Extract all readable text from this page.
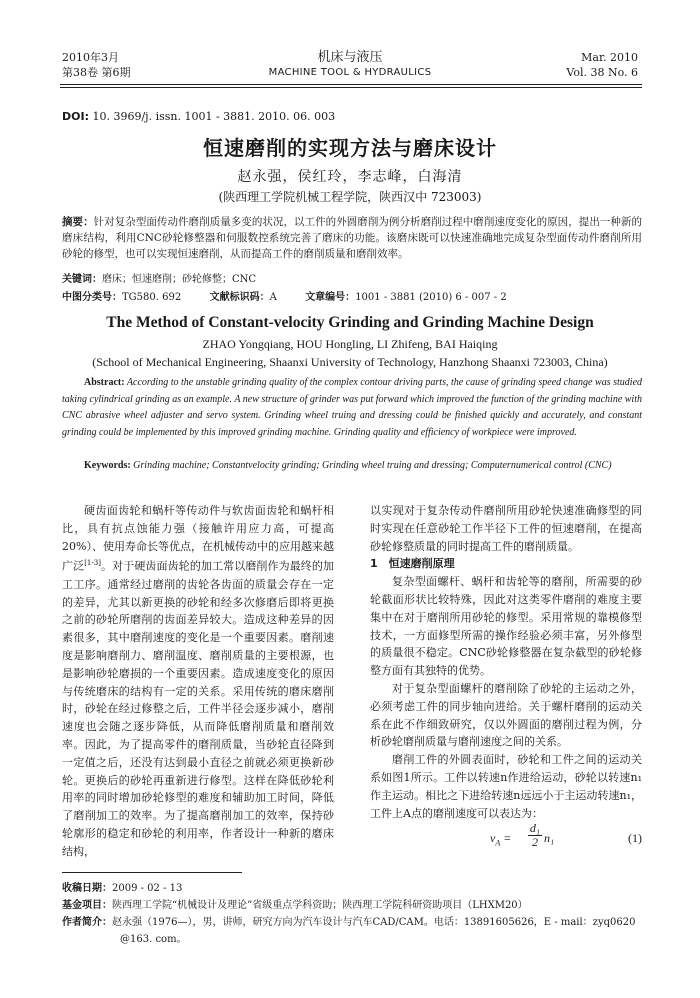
2010年3月
第38卷 第6期
机床与液压
MACHINE TOOL & HYDRAULICS
Mar. 2010
Vol. 38 No. 6
DOI: 10. 3969/j. issn. 1001 - 3881. 2010. 06. 003
恒速磨削的实现方法与磨床设计
赵永强，侯红玲，李志峰，白海清
(陕西理工学院机械工程学院，陕西汉中 723003)
摘要：针对复杂型面传动件磨削质量多变的状况，以工件的外圆磨削为例分析磨削过程中磨削速度变化的原因，提出一种新的磨床结构，利用CNC砂轮修整器和伺服数控系统完善了磨床的功能。该磨床既可以快速准确地完成复杂型面传动件磨削所用砂轮的修型，也可以实现恒速磨削，从而提高工件的磨削质量和磨削效率。
关键词：磨床；恒速磨削；砂轮修整；CNC
中图分类号：TG580. 692	文献标识码：A	文章编号：1001 - 3881 (2010) 6 - 007 - 2
The Method of Constant-velocity Grinding and Grinding Machine Design
ZHAO Yongqiang, HOU Hongling, LI Zhifeng, BAI Haiqing
(School of Mechanical Engineering, Shaanxi University of Technology, Hanzhong Shaanxi 723003, China)
Abstract: According to the unstable grinding quality of the complex contour driving parts, the cause of grinding speed change was studied taking cylindrical grinding as an example. A new structure of grinder was put forward which improved the function of the grinding machine with CNC abrasive wheel adjuster and servo system. Grinding wheel truing and dressing could be finished quickly and accurately, and constant grinding could be implemented by this improved grinding machine. Grinding quality and efficiency of workpiece were improved.
Keywords: Grinding machine; Constantvelocity grinding; Grinding wheel truing and dressing; Computernumerical control (CNC)

硬齿面齿轮和蜗杆等传动件与软齿面齿轮和蜗杆相比，具有抗点蚀能力强（接触许用应力高，可提高20%）、使用寿命长等优点，在机械传动中的应用越来越广泛[1-3]。对于硬齿面齿轮的加工常以磨削作为最终的加工工序。通常经过磨削的齿轮各齿面的质量会存在一定的差异，尤其以新更换的砂轮和经多次修磨后即将更换之前的砂轮所磨削的齿面差异较大。造成这种差异的因素很多，其中磨削速度的变化是一个重要因素。磨削速度是影响磨削力、磨削温度、磨削质量的主要根源，也是影响砂轮磨损的一个重要因素。造成速度变化的原因与传统磨床的结构有一定的关系。采用传统的磨床磨削时，砂轮在经过修整之后，工件半径会逐步减小，磨削速度也会随之逐步降低，从而降低磨削质量和磨削效率。因此，为了提高零件的磨削质量，当砂轮直径降到一定值之后，还没有达到最小直径之前就必须更换新砂轮。更换后的砂轮再重新进行修型。这样在降低砂轮利用率的同时增加砂轮修型的难度和辅助加工时间，降低了磨削加工的效率。为了提高磨削加工的效率，保持砂轮廓形的稳定和砂轮的利用率，作者设计一种新的磨床结构，

以实现对于复杂传动件磨削所用砂轮快速准确修型的同时实现在任意砂轮工作半径下工件的恒速磨削，在提高砂轮修整质量的同时提高工件的磨削质量。

1　恒速磨削原理

复杂型面螺杆、蜗杆和齿轮等的磨削，所需要的砂轮截面形状比较特殊，因此对这类零件磨削的难度主要集中在对于磨削所用砂轮的修型。采用常规的靠模修型技术，一方面修型所需的操作经验必须丰富，另外修型的质量很不稳定。CNC砂轮修整器在复杂截型的砂轮修整方面有其独特的优势。

对于复杂型面螺杆的磨削除了砂轮的主运动之外，必须考虑工件的同步轴向进给。关于螺杆磨削的运动关系在此不作细致研究，仅以外圆面的磨削过程为例，分析砂轮磨削质量与磨削速度之间的关系。

磨削工件的外圆表面时，砂轮和工件之间的运动关系如图1所示。工件以转速n作进给运动，砂轮以转速n₁作主运动。相比之下进给转速n远远小于主运动转速n₁，工件上A点的磨削速度可以表达为：

$v_A = \frac{\text{d₁}}{2} n_1$	(1)
收稿日期：2009 - 02 - 13
基金项目：陕西理工学院“机械设计及理论”省级重点学科资助；陕西理工学院科研资助项目（LHXM20）
作者简介：赵永强（1976—），男，讲师，研究方向为汽车设计与汽车CAD/CAM。电话：13891605626，E - mail：zyq0620
@163. com。
